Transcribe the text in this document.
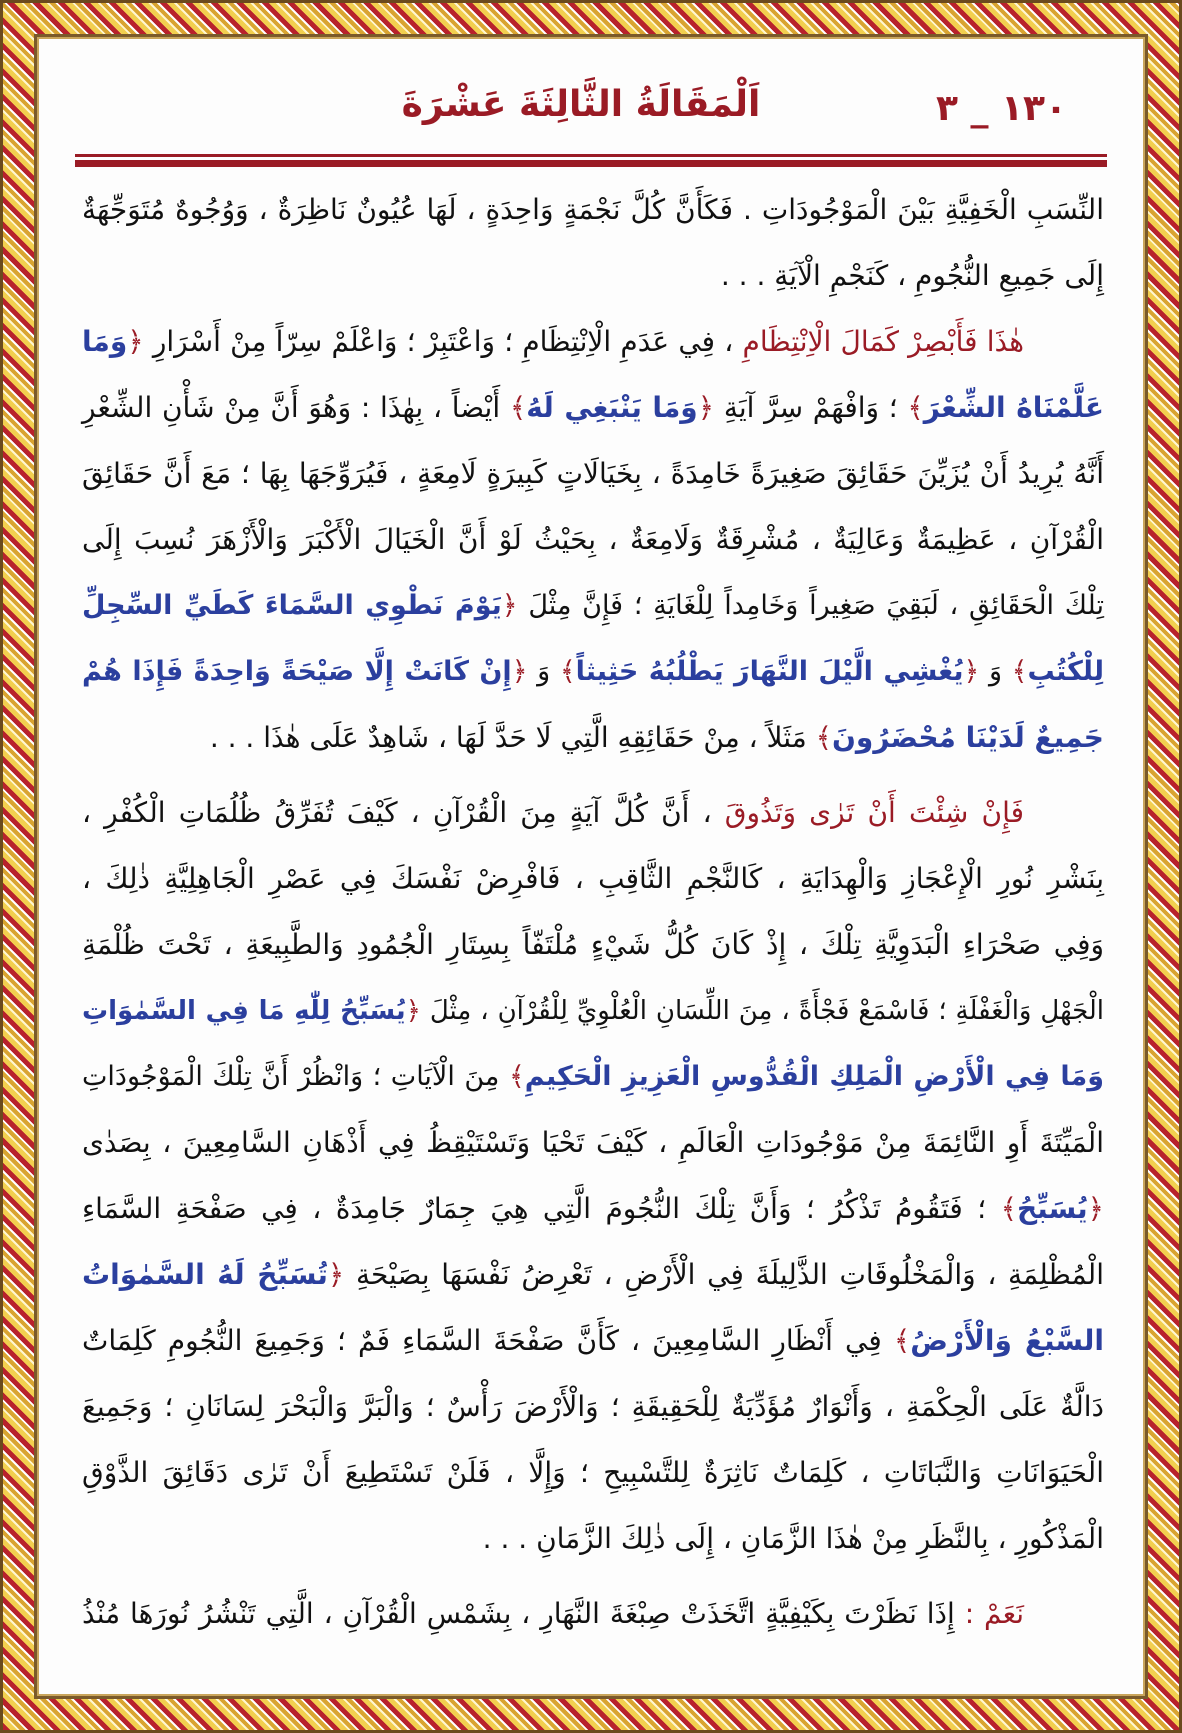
١٣٠ _ ٣
اَلْمَقَالَةُ الثَّالِثَةَ عَشْرَةَ
النِّسَبِ الْخَفِيَّةِ بَيْنَ الْمَوْجُودَاتِ . فَكَأَنَّ كُلَّ نَجْمَةٍ وَاحِدَةٍ ، لَهَا عُيُونٌ نَاظِرَةٌ ، وَوُجُوهٌ مُتَوَجِّهَةٌ
إِلَى جَمِيعِ النُّجُومِ ، كَنَجْمِ الْآيَةِ . . .
هٰذَا فَأَبْصِرْ كَمَالَ الْاِنْتِظَامِ ، فِي عَدَمِ الْاِنْتِظَامِ ؛ وَاعْتَبِرْ ؛ وَاعْلَمْ سِرّاً مِنْ أَسْرَارِ ﴿وَمَا
عَلَّمْنَاهُ الشِّعْرَ﴾ ؛ وَافْهَمْ سِرَّ آيَةِ ﴿وَمَا يَنْبَغِي لَهُ﴾ أَيْضاً ، بِهٰذَا : وَهُوَ أَنَّ مِنْ شَأْنِ الشِّعْرِ
أَنَّهُ يُرِيدُ أَنْ يُزَيِّنَ حَقَائِقَ صَغِيرَةً خَامِدَةً ، بِخَيَالَاتٍ كَبِيرَةٍ لَامِعَةٍ ، فَيُرَوِّجَهَا بِهَا ؛ مَعَ أَنَّ حَقَائِقَ
الْقُرْآنِ ، عَظِيمَةٌ وَعَالِيَةٌ ، مُشْرِقَةٌ وَلَامِعَةٌ ، بِحَيْثُ لَوْ أَنَّ الْخَيَالَ الْأَكْبَرَ وَالْأَزْهَرَ نُسِبَ إِلَى
تِلْكَ الْحَقَائِقِ ، لَبَقِيَ صَغِيراً وَخَامِداً لِلْغَايَةِ ؛ فَإِنَّ مِثْلَ ﴿يَوْمَ نَطْوِي السَّمَاءَ كَطَيِّ السِّجِلِّ
لِلْكُتُبِ﴾ وَ ﴿يُغْشِي الَّيْلَ النَّهَارَ يَطْلُبُهُ حَثِيثاً﴾ وَ ﴿إِنْ كَانَتْ إِلَّا صَيْحَةً وَاحِدَةً فَإِذَا هُمْ
جَمِيعٌ لَدَيْنَا مُحْضَرُونَ﴾ مَثَلاً ، مِنْ حَقَائِقِهِ الَّتِي لَا حَدَّ لَهَا ، شَاهِدٌ عَلَى هٰذَا . . .
فَإِنْ شِئْتَ أَنْ تَرٰى وَتَذُوقَ ، أَنَّ كُلَّ آيَةٍ مِنَ الْقُرْآنِ ، كَيْفَ تُفَرِّقُ ظُلُمَاتِ الْكُفْرِ ،
بِنَشْرِ نُورِ الْإِعْجَازِ وَالْهِدَايَةِ ، كَالنَّجْمِ الثَّاقِبِ ، فَافْرِضْ نَفْسَكَ فِي عَصْرِ الْجَاهِلِيَّةِ ذٰلِكَ ،
وَفِي صَحْرَاءِ الْبَدَوِيَّةِ تِلْكَ ، إِذْ كَانَ كُلُّ شَيْءٍ مُلْتَفّاً بِسِتَارِ الْجُمُودِ وَالطَّبِيعَةِ ، تَحْتَ ظُلْمَةِ
الْجَهْلِ وَالْغَفْلَةِ ؛ فَاسْمَعْ فَجْأَةً ، مِنَ اللِّسَانِ الْعُلْوِيِّ لِلْقُرْآنِ ، مِثْلَ ﴿يُسَبِّحُ لِلّٰهِ مَا فِي السَّمٰوَاتِ
وَمَا فِي الْأَرْضِ الْمَلِكِ الْقُدُّوسِ الْعَزِيزِ الْحَكِيمِ﴾ مِنَ الْآيَاتِ ؛ وَانْظُرْ أَنَّ تِلْكَ الْمَوْجُودَاتِ
الْمَيِّتَةَ أَوِ النَّائِمَةَ مِنْ مَوْجُودَاتِ الْعَالَمِ ، كَيْفَ تَحْيَا وَتَسْتَيْقِظُ فِي أَذْهَانِ السَّامِعِينَ ، بِصَدٰى
﴿يُسَبِّحُ﴾ ؛ فَتَقُومُ تَذْكُرُ ؛ وَأَنَّ تِلْكَ النُّجُومَ الَّتِي هِيَ جِمَارٌ جَامِدَةٌ ، فِي صَفْحَةِ السَّمَاءِ
الْمُظْلِمَةِ ، وَالْمَخْلُوقَاتِ الذَّلِيلَةَ فِي الْأَرْضِ ، تَعْرِضُ نَفْسَهَا بِصَيْحَةِ ﴿تُسَبِّحُ لَهُ السَّمٰوَاتُ
السَّبْعُ وَالْأَرْضُ﴾ فِي أَنْظَارِ السَّامِعِينَ ، كَأَنَّ صَفْحَةَ السَّمَاءِ فَمٌ ؛ وَجَمِيعَ النُّجُومِ كَلِمَاتٌ
دَالَّةٌ عَلَى الْحِكْمَةِ ، وَأَنْوَارٌ مُؤَدِّيَةٌ لِلْحَقِيقَةِ ؛ وَالْأَرْضَ رَأْسٌ ؛ وَالْبَرَّ وَالْبَحْرَ لِسَانَانِ ؛ وَجَمِيعَ
الْحَيَوَانَاتِ وَالنَّبَاتَاتِ ، كَلِمَاتٌ نَاثِرَةٌ لِلتَّسْبِيحِ ؛ وَإِلَّا ، فَلَنْ تَسْتَطِيعَ أَنْ تَرٰى دَقَائِقَ الذَّوْقِ
الْمَذْكُورِ ، بِالنَّظَرِ مِنْ هٰذَا الزَّمَانِ ، إِلَى ذٰلِكَ الزَّمَانِ . . .
نَعَمْ : إِذَا نَظَرْتَ بِكَيْفِيَّةٍ اتَّخَذَتْ صِبْغَةَ النَّهَارِ ، بِشَمْسِ الْقُرْآنِ ، الَّتِي تَنْشُرُ نُورَهَا مُنْذُ
